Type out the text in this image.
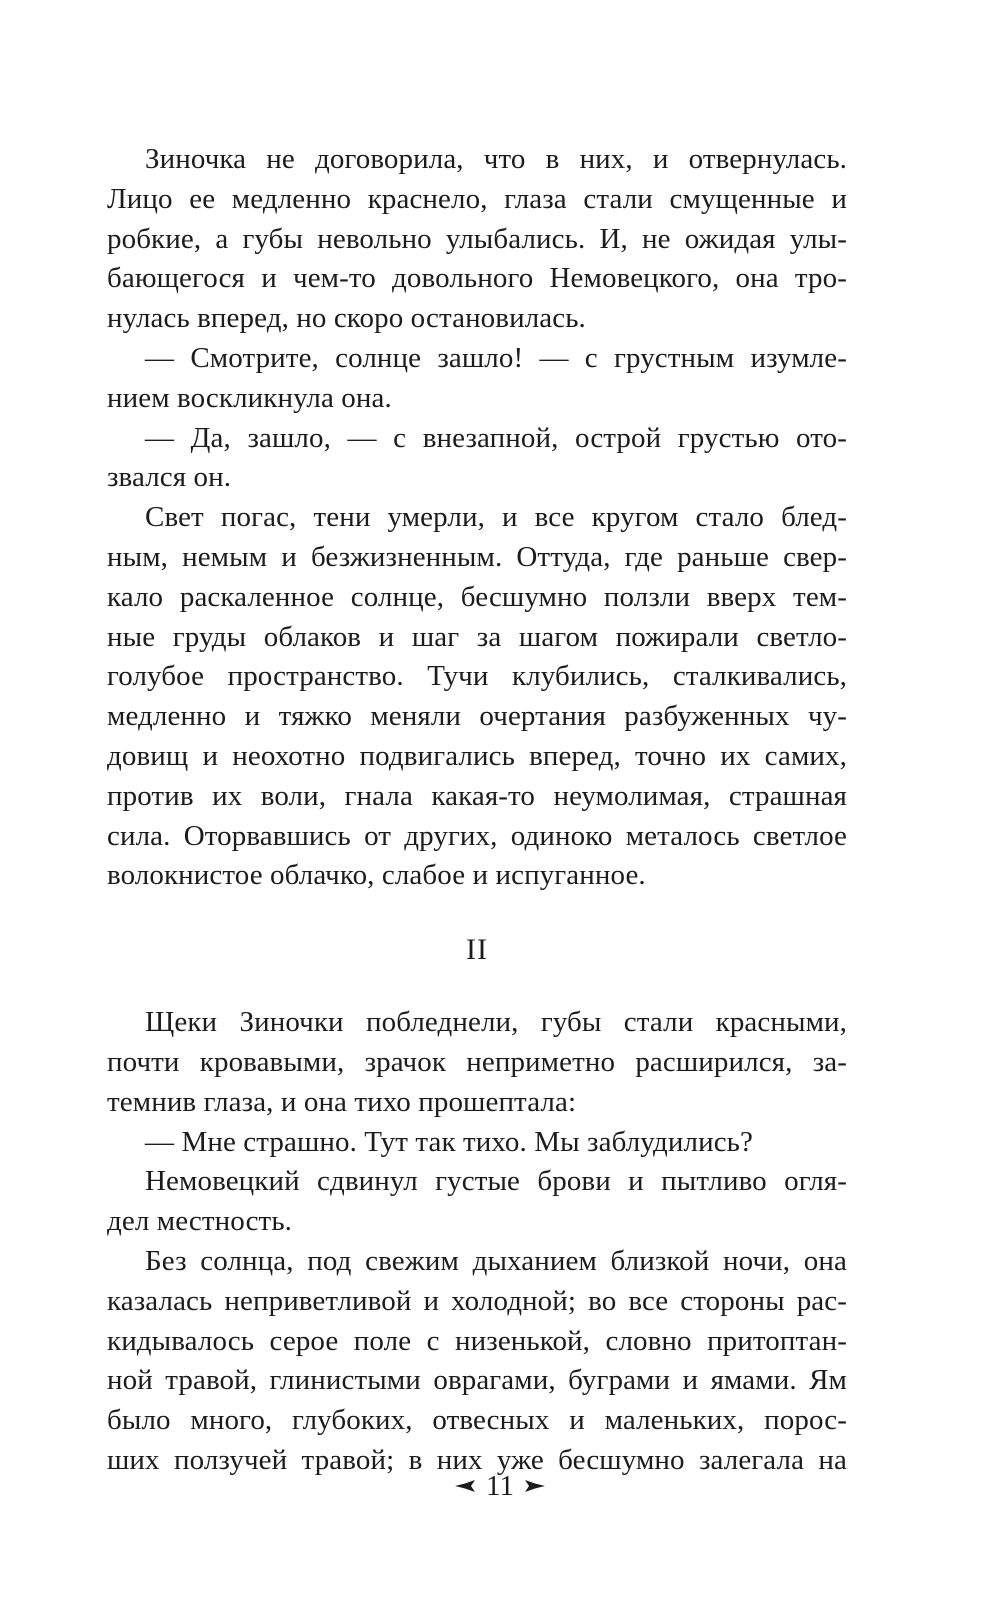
Зиночка не договорила, что в них, и отвернулась.
Лицо ее медленно краснело, глаза стали смущенные и
робкие, а губы невольно улыбались. И, не ожидая улы-
бающегося и чем-то довольного Немовецкого, она тро-
нулась вперед, но скоро остановилась.
— Смотрите, солнце зашло! — с грустным изумле-
нием воскликнула она.
— Да, зашло, — с внезапной, острой грустью ото-
звался он.
Свет погас, тени умерли, и все кругом стало блед-
ным, немым и безжизненным. Оттуда, где раньше свер-
кало раскаленное солнце, бесшумно ползли вверх тем-
ные груды облаков и шаг за шагом пожирали светло-
голубое пространство. Тучи клубились, сталкивались,
медленно и тяжко меняли очертания разбуженных чу-
довищ и неохотно подвигались вперед, точно их самих,
против их воли, гнала какая-то неумолимая, страшная
сила. Оторвавшись от других, одиноко металось светлое
волокнистое облачко, слабое и испуганное.
II
Щеки Зиночки побледнели, губы стали красными,
почти кровавыми, зрачок неприметно расширился, за-
темнив глаза, и она тихо прошептала:
— Мне страшно. Тут так тихо. Мы заблудились?
Немовецкий сдвинул густые брови и пытливо огля-
дел местность.
Без солнца, под свежим дыханием близкой ночи, она
казалась неприветливой и холодной; во все стороны рас-
кидывалось серое поле с низенькой, словно притоптан-
ной травой, глинистыми оврагами, буграми и ямами. Ям
было много, глубоких, отвесных и маленьких, порос-
ших ползучей травой; в них уже бесшумно залегала на
11
